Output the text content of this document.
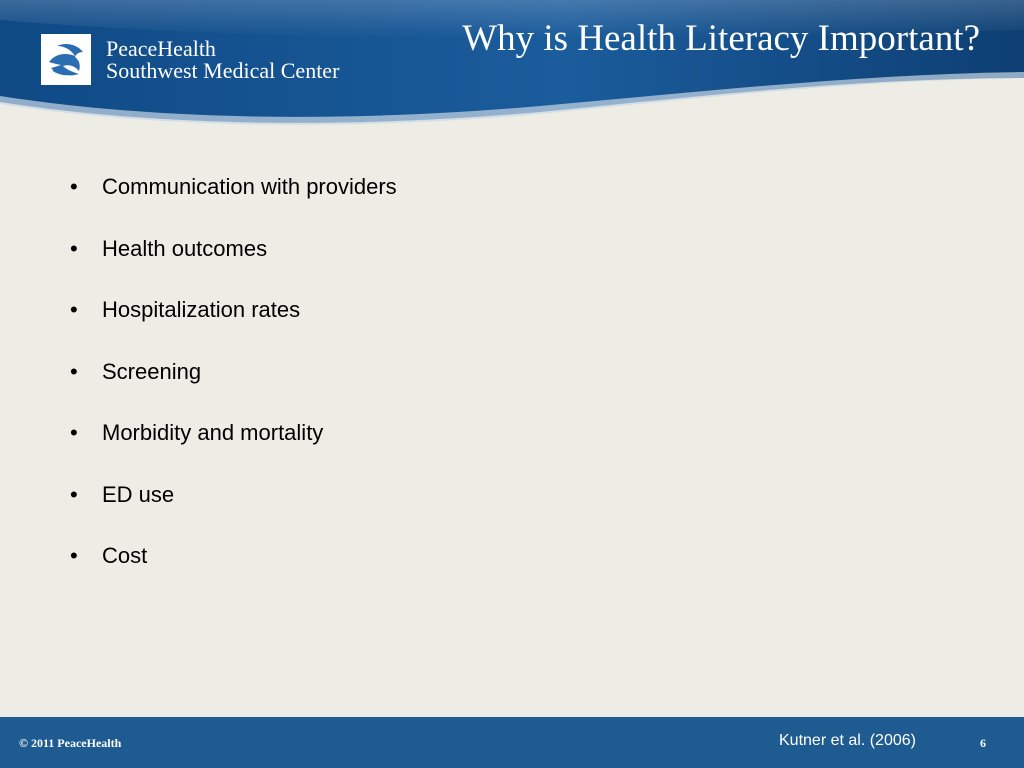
PeaceHealth
Southwest Medical Center
Why is Health Literacy Important?
• Communication with providers
• Health outcomes
• Hospitalization rates
• Screening
• Morbidity and mortality
• ED use
• Cost
© 2011 PeaceHealth	Kutner et al. (2006)	6
